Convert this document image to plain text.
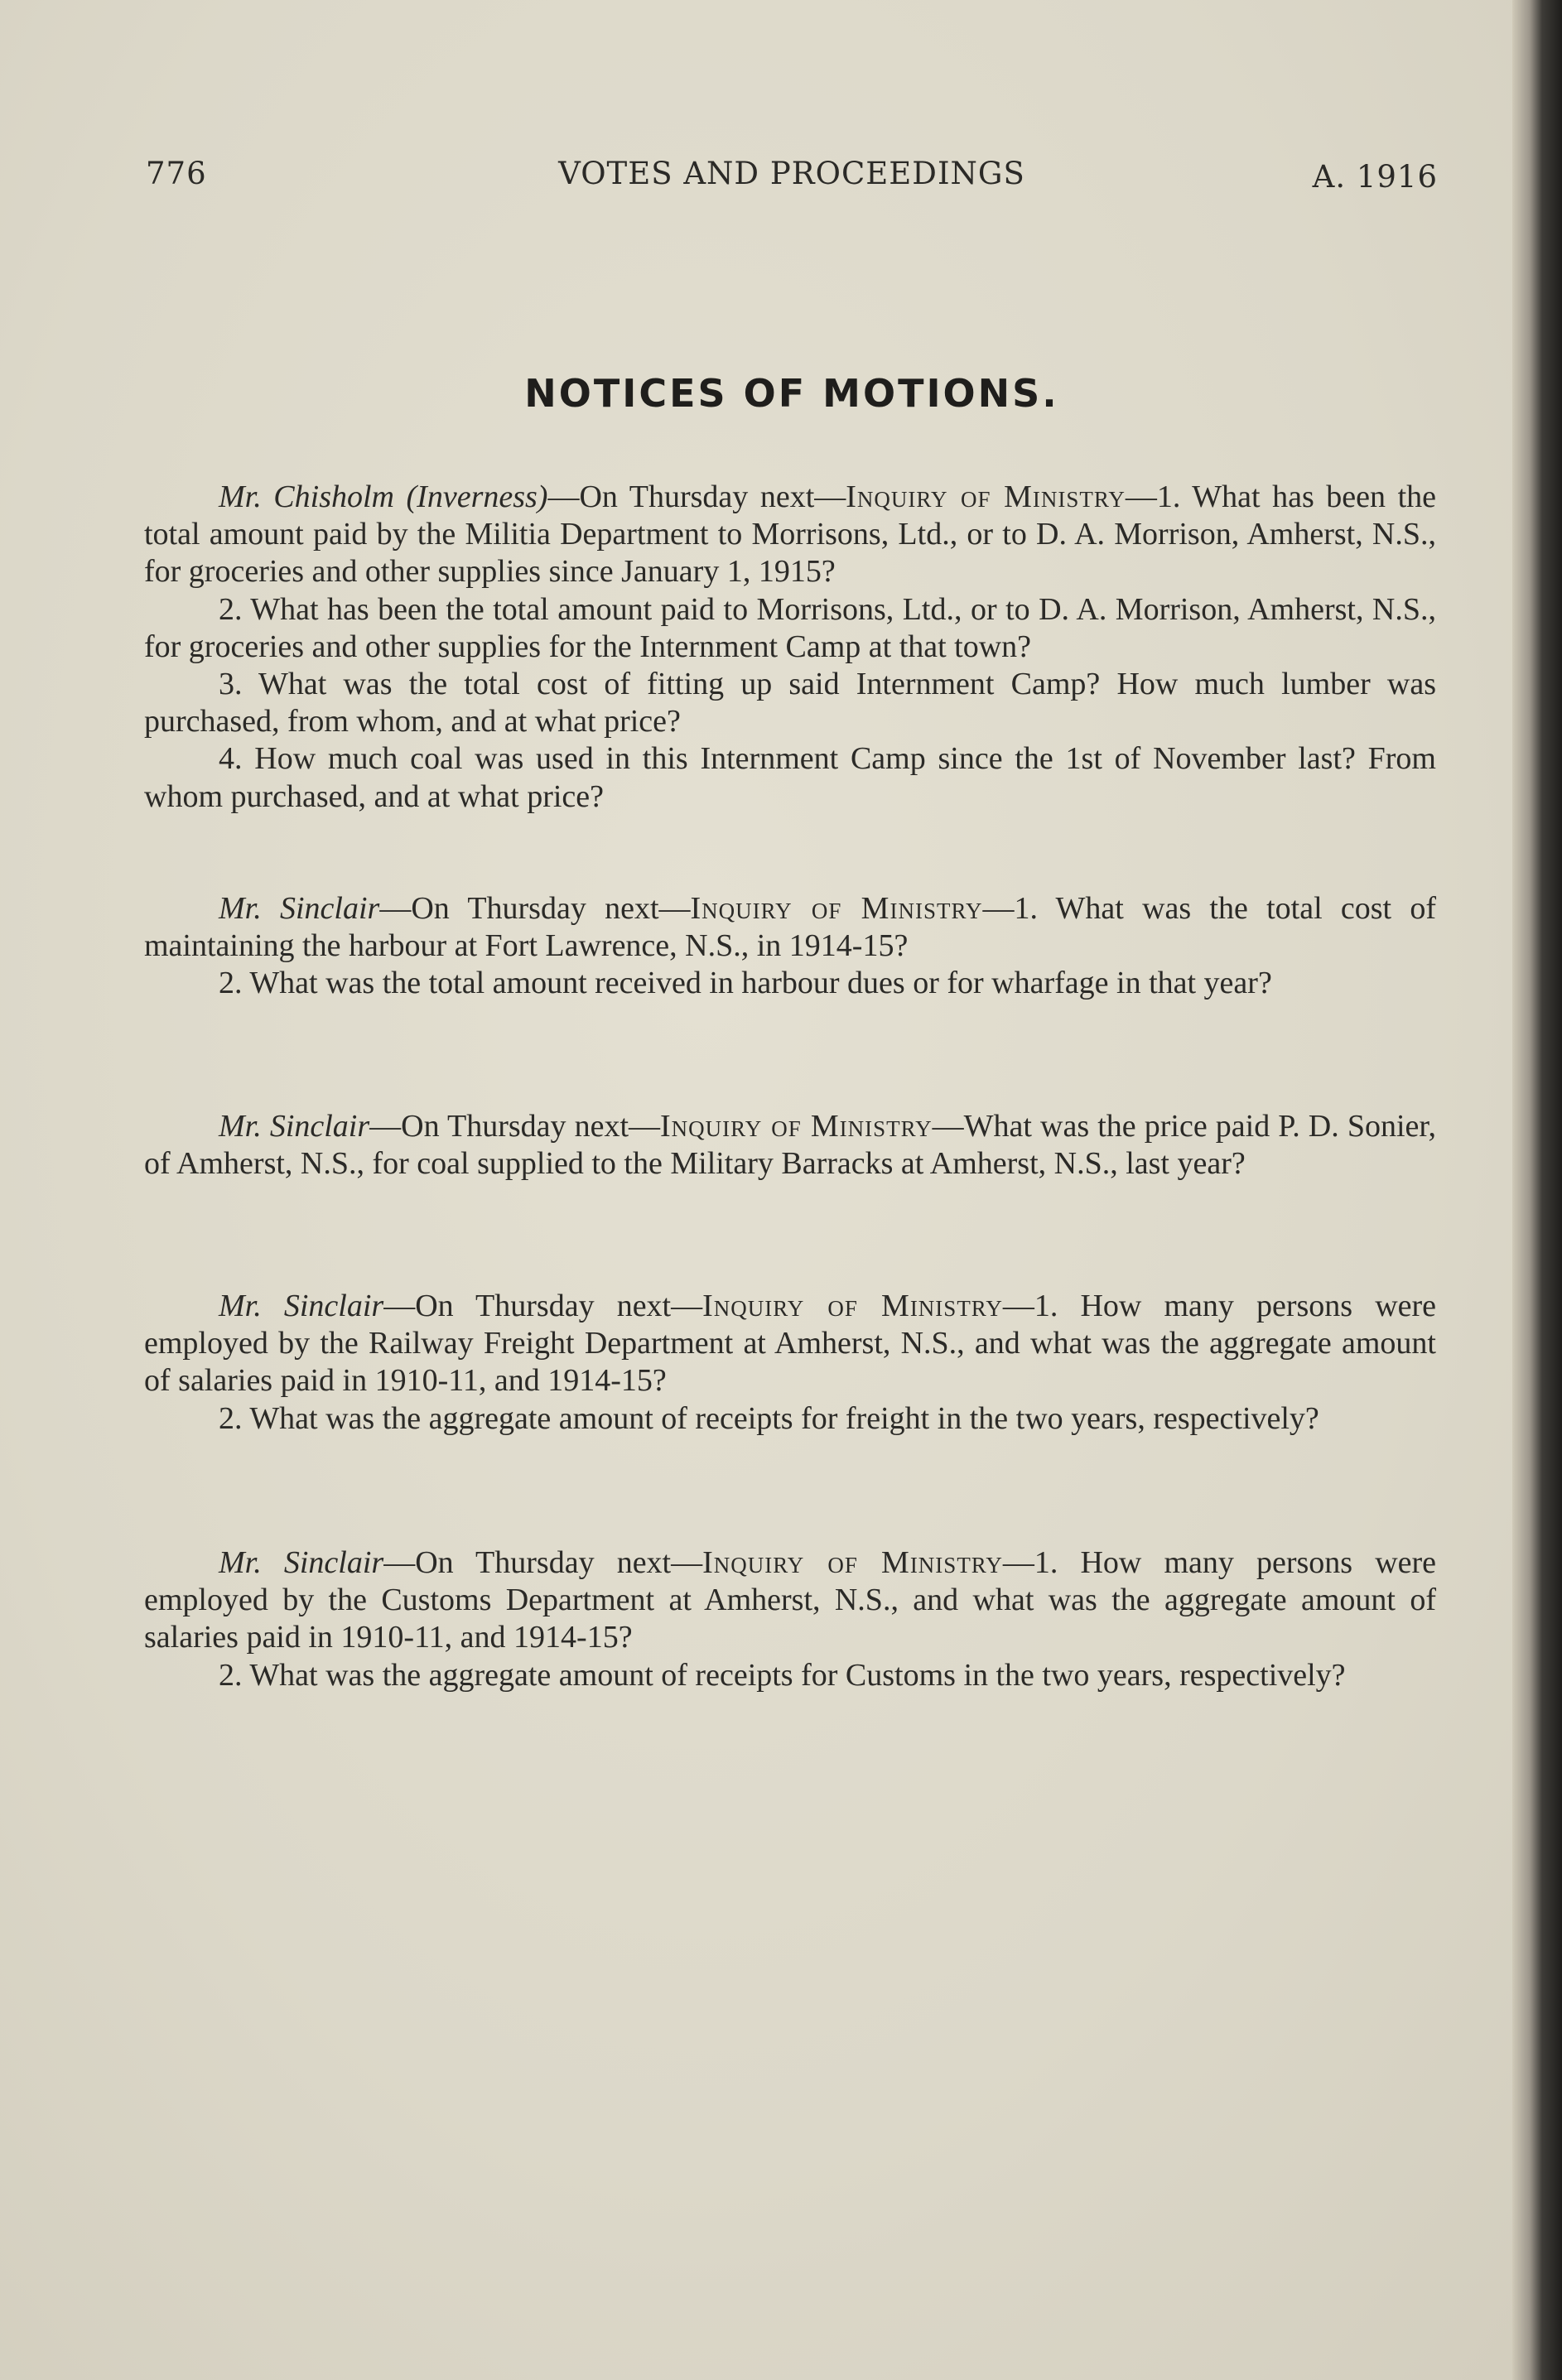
776	VOTES AND PROCEEDINGS	A. 1916
NOTICES OF MOTIONS.

Mr. Chisholm (Inverness)—On Thursday next—Inquiry of Ministry—1. What has been the total amount paid by the Militia Department to Morrisons, Ltd., or to D. A. Morrison, Amherst, N.S., for groceries and other supplies since January 1, 1915?

2. What has been the total amount paid to Morrisons, Ltd., or to D. A. Morrison, Amherst, N.S., for groceries and other supplies for the Internment Camp at that town?

3. What was the total cost of fitting up said Internment Camp? How much lumber was purchased, from whom, and at what price?

4. How much coal was used in this Internment Camp since the 1st of November last? From whom purchased, and at what price?

Mr. Sinclair—On Thursday next—Inquiry of Ministry—1. What was the total cost of maintaining the harbour at Fort Lawrence, N.S., in 1914-15?

2. What was the total amount received in harbour dues or for wharfage in that year?

Mr. Sinclair—On Thursday next—Inquiry of Ministry—What was the price paid P. D. Sonier, of Amherst, N.S., for coal supplied to the Military Barracks at Amherst, N.S., last year?

Mr. Sinclair—On Thursday next—Inquiry of Ministry—1. How many persons were employed by the Railway Freight Department at Amherst, N.S., and what was the aggregate amount of salaries paid in 1910-11, and 1914-15?

2. What was the aggregate amount of receipts for freight in the two years, respectively?

Mr. Sinclair—On Thursday next—Inquiry of Ministry—1. How many persons were employed by the Customs Department at Amherst, N.S., and what was the aggregate amount of salaries paid in 1910-11, and 1914-15?

2. What was the aggregate amount of receipts for Customs in the two years, respectively?
